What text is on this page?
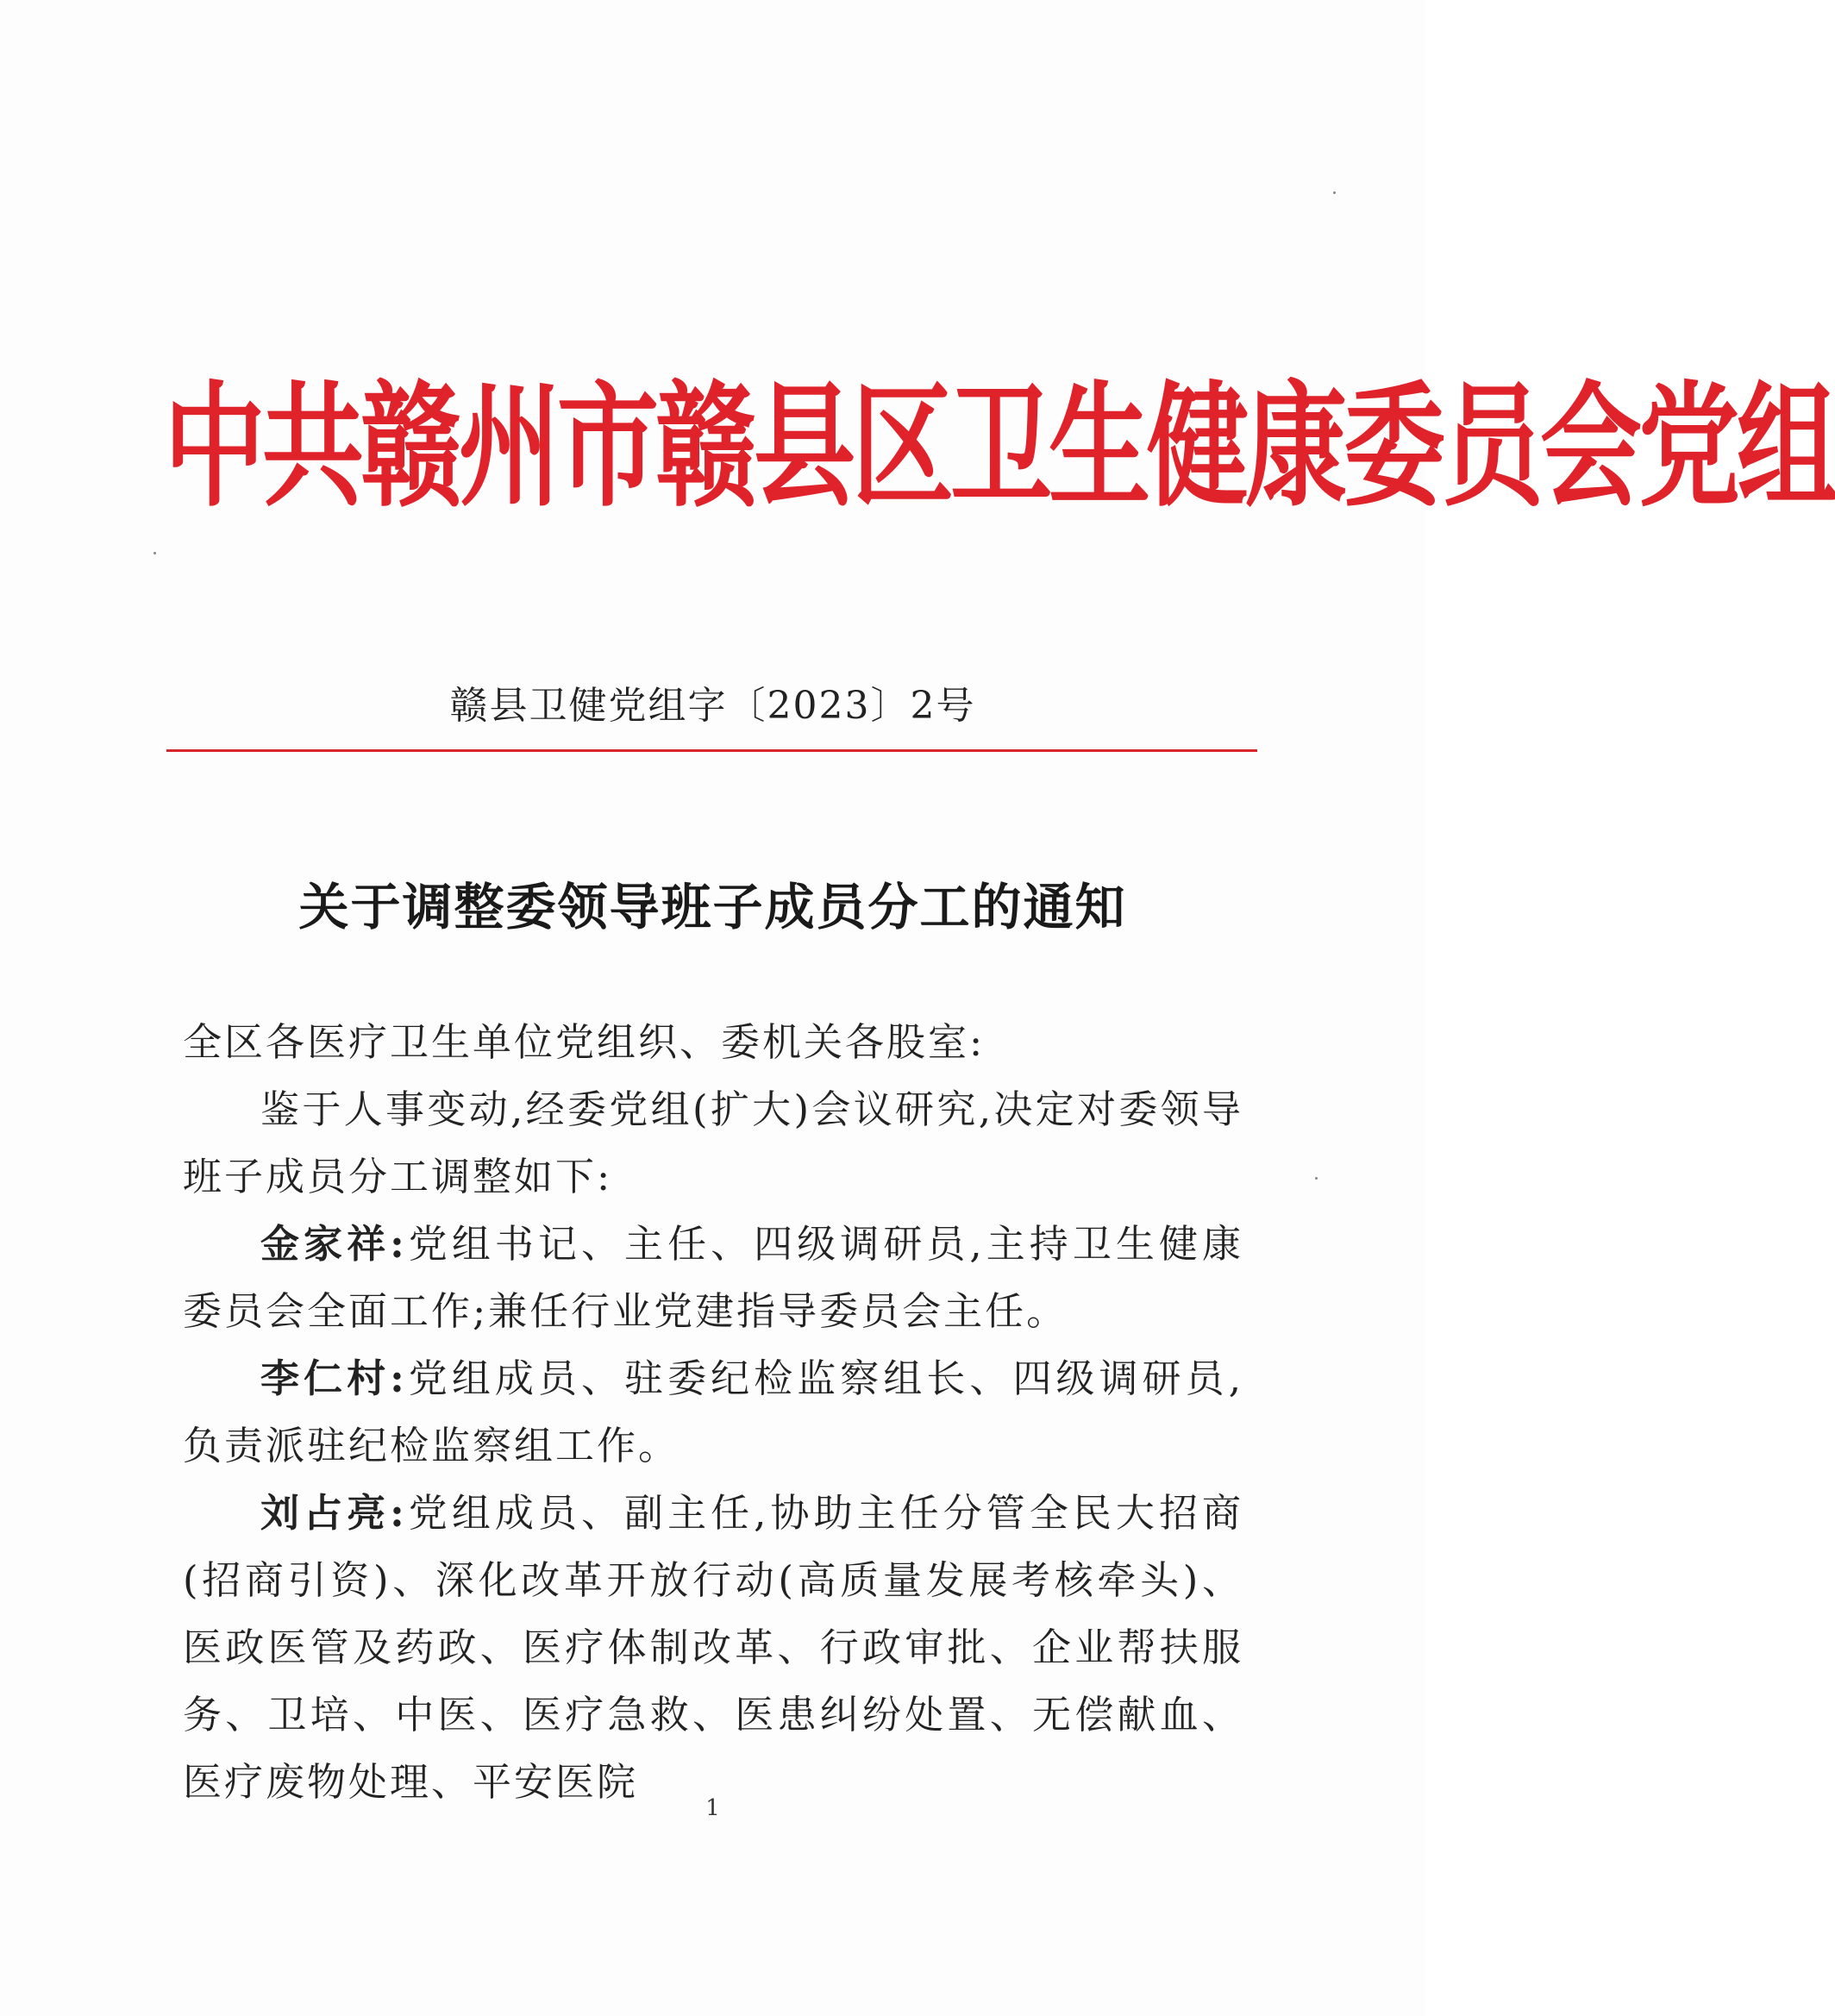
中共赣州市赣县区卫生健康委员会党组
赣县卫健党组字〔2023〕2号
关于调整委领导班子成员分工的通知

全区各医疗卫生单位党组织、委机关各股室:

鉴于人事变动,经委党组(扩大)会议研究,决定对委领导班子成员分工调整如下:

金家祥:党组书记、主任、四级调研员,主持卫生健康委员会全面工作;兼任行业党建指导委员会主任。

李仁村:党组成员、驻委纪检监察组长、四级调研员,负责派驻纪检监察组工作。

刘占亮:党组成员、副主任,协助主任分管全民大招商(招商引资)、深化改革开放行动(高质量发展考核牵头)、医政医管及药政、医疗体制改革、行政审批、企业帮扶服务、卫培、中医、医疗急救、医患纠纷处置、无偿献血、医疗废物处理、平安医院

1
